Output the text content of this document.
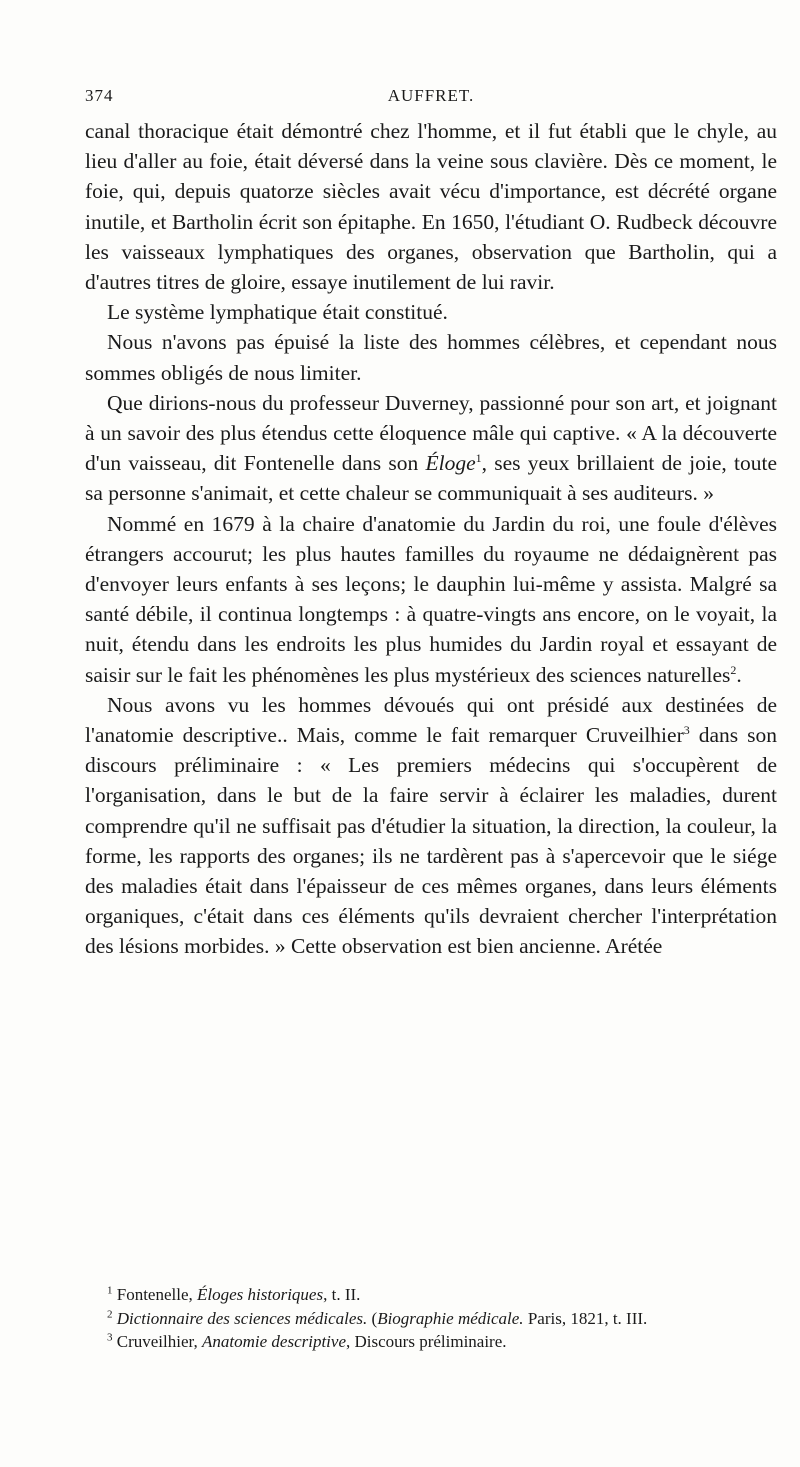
374	AUFFRET.

canal thoracique était démontré chez l'homme, et il fut établi que le chyle, au lieu d'aller au foie, était déversé dans la veine sous clavière. Dès ce moment, le foie, qui, depuis quatorze siècles avait vécu d'importance, est décrété organe inutile, et Bartholin écrit son épitaphe. En 1650, l'étudiant O. Rudbeck découvre les vaisseaux lymphatiques des organes, observation que Bartholin, qui a d'autres titres de gloire, essaye inutilement de lui ravir.

Le système lymphatique était constitué.

Nous n'avons pas épuisé la liste des hommes célèbres, et cependant nous sommes obligés de nous limiter.

Que dirions-nous du professeur Duverney, passionné pour son art, et joignant à un savoir des plus étendus cette éloquence mâle qui captive. « A la découverte d'un vaisseau, dit Fontenelle dans son Éloge$^1$, ses yeux brillaient de joie, toute sa personne s'animait, et cette chaleur se communiquait à ses auditeurs. »

Nommé en 1679 à la chaire d'anatomie du Jardin du roi, une foule d'élèves étrangers accourut; les plus hautes familles du royaume ne dédaignèrent pas d'envoyer leurs enfants à ses leçons; le dauphin lui-même y assista. Malgré sa santé débile, il continua longtemps : à quatre-vingts ans encore, on le voyait, la nuit, étendu dans les endroits les plus humides du Jardin royal et essayant de saisir sur le fait les phénomènes les plus mystérieux des sciences naturelles$^2$.

Nous avons vu les hommes dévoués qui ont présidé aux destinées de l'anatomie descriptive.. Mais, comme le fait remarquer Cruveilhier$^3$ dans son discours préliminaire : « Les premiers médecins qui s'occupèrent de l'organisation, dans le but de la faire servir à éclairer les maladies, durent comprendre qu'il ne suffisait pas d'étudier la situation, la direction, la couleur, la forme, les rapports des organes; ils ne tardèrent pas à s'apercevoir que le siége des maladies était dans l'épaisseur de ces mêmes organes, dans leurs éléments organiques, c'était dans ces éléments qu'ils devraient chercher l'interprétation des lésions morbides. » Cette observation est bien ancienne. Arétée

$^1$ Fontenelle, Éloges historiques, t. II.

$^2$ Dictionnaire des sciences médicales. (Biographie médicale. Paris, 1821, t. III.

$^3$ Cruveilhier, Anatomie descriptive, Discours préliminaire.
